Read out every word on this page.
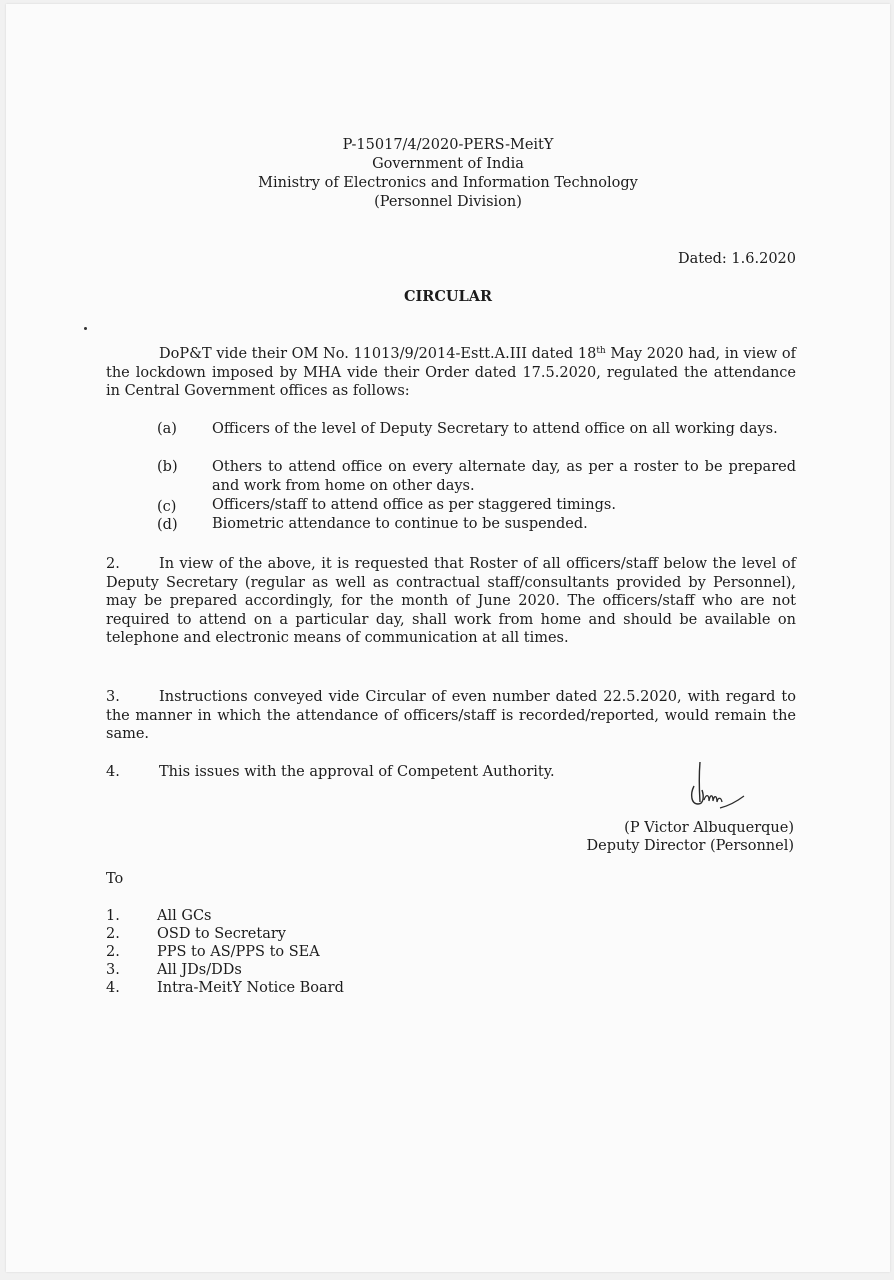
P-15017/4/2020-PERS-MeitY
Government of India
Ministry of Electronics and Information Technology
(Personnel Division)
Dated: 1.6.2020
CIRCULAR
DoP&T vide their OM No. 11013/9/2014-Estt.A.III dated 18th May 2020 had, in view of the lockdown imposed by MHA vide their Order dated 17.5.2020, regulated the attendance in Central Government offices as follows:
(a) Officers of the level of Deputy Secretary to attend office on all working days.
(b) Others to attend office on every alternate day, as per a roster to be prepared and work from home on other days.
(c) Officers/staff to attend office as per staggered timings.
(d) Biometric attendance to continue to be suspended.
2.	In view of the above, it is requested that Roster of all officers/staff below the level of Deputy Secretary (regular as well as contractual staff/consultants provided by Personnel), may be prepared accordingly, for the month of June 2020. The officers/staff who are not required to attend on a particular day, shall work from home and should be available on telephone and electronic means of communication at all times.
3.	Instructions conveyed vide Circular of even number dated 22.5.2020, with regard to the manner in which the attendance of officers/staff is recorded/reported, would remain the same.
4.	This issues with the approval of Competent Authority.
(P Victor Albuquerque)
Deputy Director (Personnel)
To
1.	All GCs
2.	OSD to Secretary
2.	PPS to AS/PPS to SEA
3.	All JDs/DDs
4.	Intra-MeitY Notice Board
